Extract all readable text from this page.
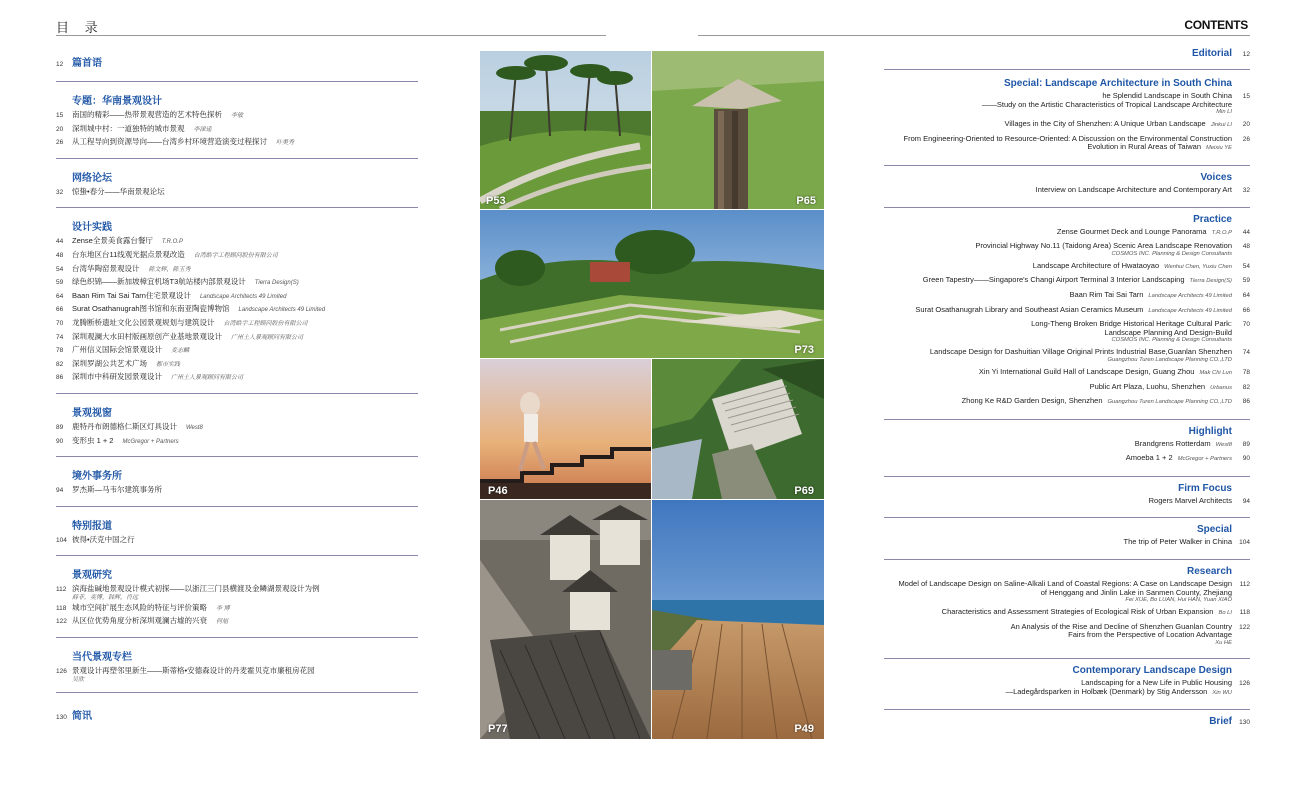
目 录	CONTENTS
12 篇首语
专题：华南景观设计
15	南国的精彩——热带景观营造的艺术特色探析 李敏
20	深圳城中村：一道独特的城市景观 李津逵
26	从工程导向到资源导向——台湾乡村环境营造演变过程探讨 叶美秀
网络论坛
32	惊蛰•春分——华南景观论坛
设计实践
44	Zense全景美食露台餐厅 T.R.O.P
48	台东地区台11线观光据点景观改造 台湾皓宇工程顾问股份有限公司
54	台湾华陶窑景观设计 陈文辉，陈玉秀
59	绿色织锦——新加坡樟宜机场T3航站楼内部景观设计 Tierra Design(S)
64	Baan Rim Tai Sai Tarn住宅景观设计 Landscape Architects 49 Limited
66	Surat Osathanugrah图书馆和东南亚陶瓷博物馆 Landscape Architects 49 Limited
70	龙腾断桥遗址文化公园景观规划与建筑设计 台湾皓宇工程顾问股份有限公司
74	深圳观澜大水田村版画原创产业基地景观设计 广州土人景观顾问有限公司
78	广州信义国际会馆景观设计 麦志麟
82	深圳罗湖公共艺术广场 都市实践
86	深圳市中科研发园景观设计 广州土人景观顾问有限公司
景观视窗
89	鹿特丹布朗德格仁斯区灯具设计 West8
90	变形虫 1 + 2 McGregor + Partners
境外事务所
94	罗杰斯—马韦尔建筑事务所
特别报道
104 彼得•沃克中国之行
景观研究
112 滨海盐碱地景观设计模式初探——以浙江三门县横渡及金鳞湖景观设计为例
薛菲，奕博，韩辉，肖远
118 城市空间扩展生态风险的特征与评价策略 李 博
122 从区位优势角度分析深圳观澜古墟的兴衰 何旭
当代景观专栏
126 景观设计再塑邻里新生——斯蒂格•安德森设计的丹麦霍贝克市廉租房花园
吴欣
130 简讯
P53	P65
P73
P46	P69
P77	P49
Editorial	12
Special: Landscape Architecture in South China
he Splendid Landscape in South China
——Study on the Artistic Characteristics of Tropical Landscape Architecture
Min LI
15
Villages in the City of Shenzhen: A Unique Urban Landscape Jinkui LI	20
From Engineering-Oriented to Resource-Oriented: A Discussion on the Environmental Construction
Evolution in Rural Areas of Taiwan Meixiu YE
26
Voices
Interview on Landscape Architecture and Contemporary Art	32
Practice
Zense Gourmet Deck and Lounge Panorama T.R.O.P	44
Provincial Highway No.11 (Taidong Area) Scenic Area Landscape Renovation
COSMOS INC. Planning & Design Consultants
48
Landscape Architecture of Hwataoyao Wenhui Chen, Yuxiu Chen	54
Green Tapestry——Singapore's Changi Airport Terminal 3 Interior Landscaping Tierra Design(S)	59
Baan Rim Tai Sai Tarn Landscape Architects 49 Limited	64
Surat Osathanugrah Library and Southeast Asian Ceramics Museum Landscape Architects 49 Limited	66
Long-Theng Broken Bridge Historical Heritage Cultural Park:
Landscape Planning And Design-Build
COSMOS INC. Planning & Design Consultants
70
Landscape Design for Dashuitian Village Original Prints Industrial Base,Guanlan Shenzhen
Guangzhou Turen Landscape Planning CO.,LTD
74
Xin Yi International Guild Hall of Landscape Design, Guang Zhou Mak Chi Lun	78
Public Art Plaza, Luohu, Shenzhen Urbanus	82
Zhong Ke R&D Garden Design, Shenzhen Guangzhou Turen Landscape Planning CO.,LTD	86
Highlight
Brandgrens Rotterdam West8	89
Amoeba 1 + 2 McGregor + Partners	90
Firm Focus
Rogers Marvel Architects	94
Special
The trip of Peter Walker in China	104
Research
Model of Landscape Design on Saline-Alkali Land of Coastal Regions: A Case on Landscape Design
of Henggang and Jinlin Lake in Sanmen County, Zhejiang
Fei XUE, Bo LUAN, Hui HAN, Yuan XIAO
112
Characteristics and Assessment Strategies of Ecological Risk of Urban Expansion Bo LI	118
An Analysis of the Rise and Decline of Shenzhen Guanlan Country
Fairs from the Perspective of Location Advantage
Xu HE
122
Contemporary Landscape Design
Landscaping for a New Life in Public Housing
—Ladegårdsparken in Holbæk (Denmark) by Stig Andersson Xin WU
126
Brief	130
